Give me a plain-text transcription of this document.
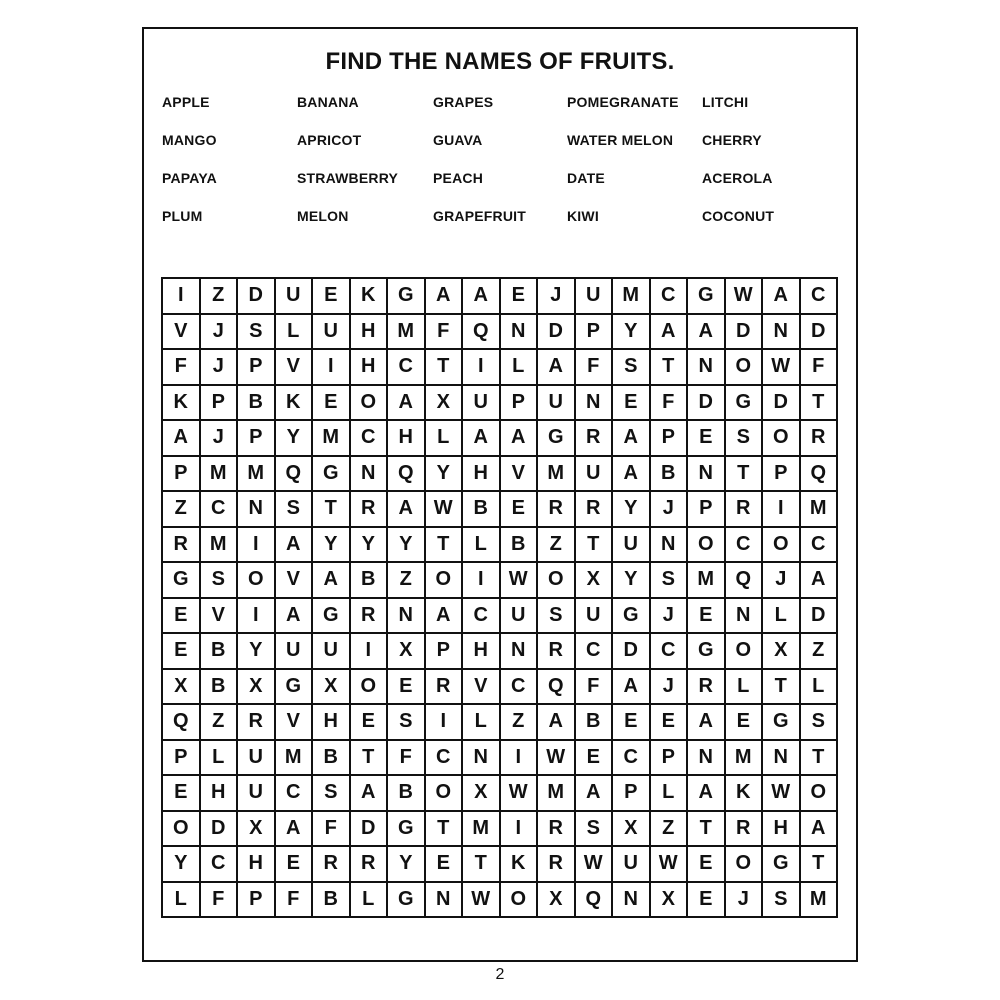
FIND THE NAMES OF FRUITS.
APPLE	BANANA	GRAPES	POMEGRANATE	LITCHI
MANGO	APRICOT	GUAVA	WATER MELON	CHERRY
PAPAYA	STRAWBERRY	PEACH	DATE	ACEROLA
PLUM	MELON	GRAPEFRUIT	KIWI	COCONUT
I	Z	D	U	E	K	G	A	A	E	J	U	M	C	G	W	A	C
V	J	S	L	U	H	M	F	Q	N	D	P	Y	A	A	D	N	D
F	J	P	V	I	H	C	T	I	L	A	F	S	T	N	O	W	F
K	P	B	K	E	O	A	X	U	P	U	N	E	F	D	G	D	T
A	J	P	Y	M	C	H	L	A	A	G	R	A	P	E	S	O	R
P	M	M	Q	G	N	Q	Y	H	V	M	U	A	B	N	T	P	Q
Z	C	N	S	T	R	A	W	B	E	R	R	Y	J	P	R	I	M
R	M	I	A	Y	Y	Y	T	L	B	Z	T	U	N	O	C	O	C
G	S	O	V	A	B	Z	O	I	W	O	X	Y	S	M	Q	J	A
E	V	I	A	G	R	N	A	C	U	S	U	G	J	E	N	L	D
E	B	Y	U	U	I	X	P	H	N	R	C	D	C	G	O	X	Z
X	B	X	G	X	O	E	R	V	C	Q	F	A	J	R	L	T	L
Q	Z	R	V	H	E	S	I	L	Z	A	B	E	E	A	E	G	S
P	L	U	M	B	T	F	C	N	I	W	E	C	P	N	M	N	T
E	H	U	C	S	A	B	O	X	W M	A	P	L	A	K	W	O
O	D	X	A	F	D	G	T	M	I	R	S	X	Z	T	R	H	A
Y	C	H	E	R	R	Y	E	T	K	R	W	U	W	E	O	G	T
L	F	P	F	B	L	G	N	W	O	X	Q	N	X	E	J	S	M
2
